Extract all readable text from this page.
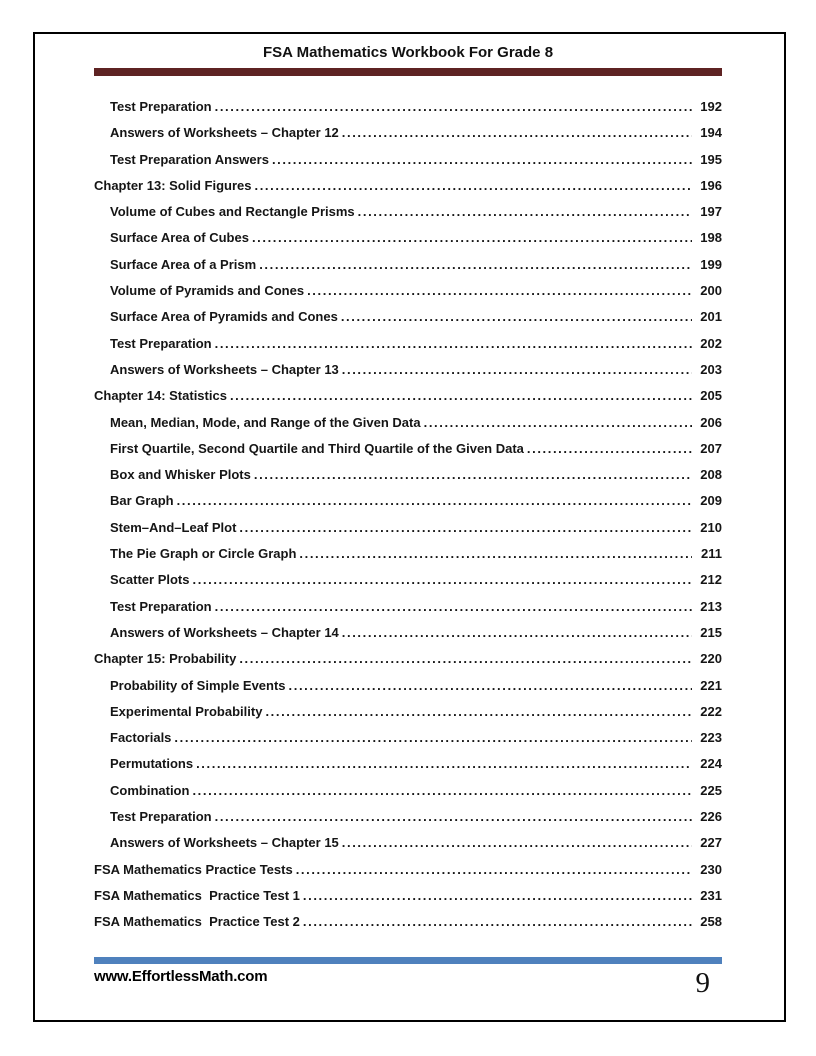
FSA Mathematics Workbook For Grade 8
Test Preparation .....	192
Answers of Worksheets – Chapter 12 .....	194
Test Preparation Answers .....	195
Chapter 13: Solid Figures .....	196
Volume of Cubes and Rectangle Prisms .....	197
Surface Area of Cubes .....	198
Surface Area of a Prism .....	199
Volume of Pyramids and Cones .....	200
Surface Area of Pyramids and Cones .....	201
Test Preparation .....	202
Answers of Worksheets – Chapter 13 .....	203
Chapter 14: Statistics .....	205
Mean, Median, Mode, and Range of the Given Data .....	206
First Quartile, Second Quartile and Third Quartile of the Given Data .....	207
Box and Whisker Plots .....	208
Bar Graph .....	209
Stem–And–Leaf Plot .....	210
The Pie Graph or Circle Graph .....	211
Scatter Plots .....	212
Test Preparation .....	213
Answers of Worksheets – Chapter 14 .....	215
Chapter 15: Probability .....	220
Probability of Simple Events .....	221
Experimental Probability .....	222
Factorials .....	223
Permutations .....	224
Combination .....	225
Test Preparation .....	226
Answers of Worksheets – Chapter 15 .....	227
FSA Mathematics Practice Tests .....	230
FSA Mathematics  Practice Test 1 .....	231
FSA Mathematics  Practice Test 2 .....	258
www.EffortlessMath.com	9
